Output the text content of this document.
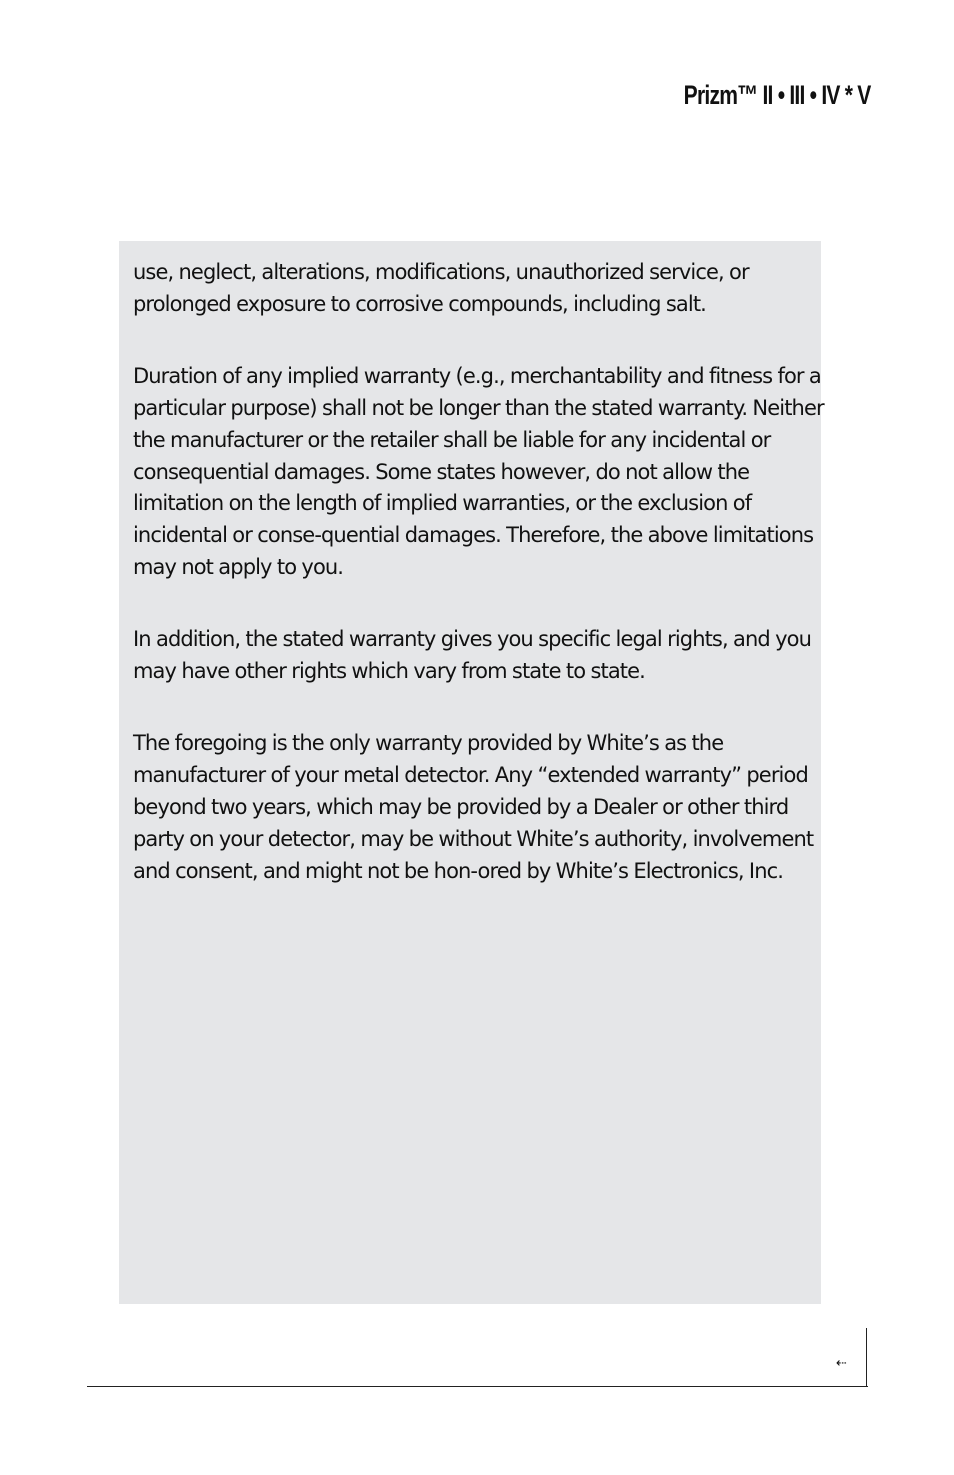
Prizm™ II • III • IV * V

use, neglect, alterations, modifications, unauthorized service, or prolonged exposure to corrosive compounds, including salt.

Duration of any implied warranty (e.g., merchantability and fitness for a particular purpose) shall not be longer than the stated warranty. Neither the manufacturer or the retailer shall be liable for any incidental or consequential damages. Some states however, do not allow the limitation on the length of implied warranties, or the exclusion of incidental or conse-quential damages. Therefore, the above limitations may not apply to you.

In addition, the stated warranty gives you specific legal rights, and you may have other rights which vary from state to state.

The foregoing is the only warranty provided by White’s as the manufacturer of your metal detector. Any “extended warranty” period beyond two years, which may be provided by a Dealer or other third party on your detector, may be without White’s authority, involvement and consent, and might not be hon-ored by White’s Electronics, Inc.

⇠
